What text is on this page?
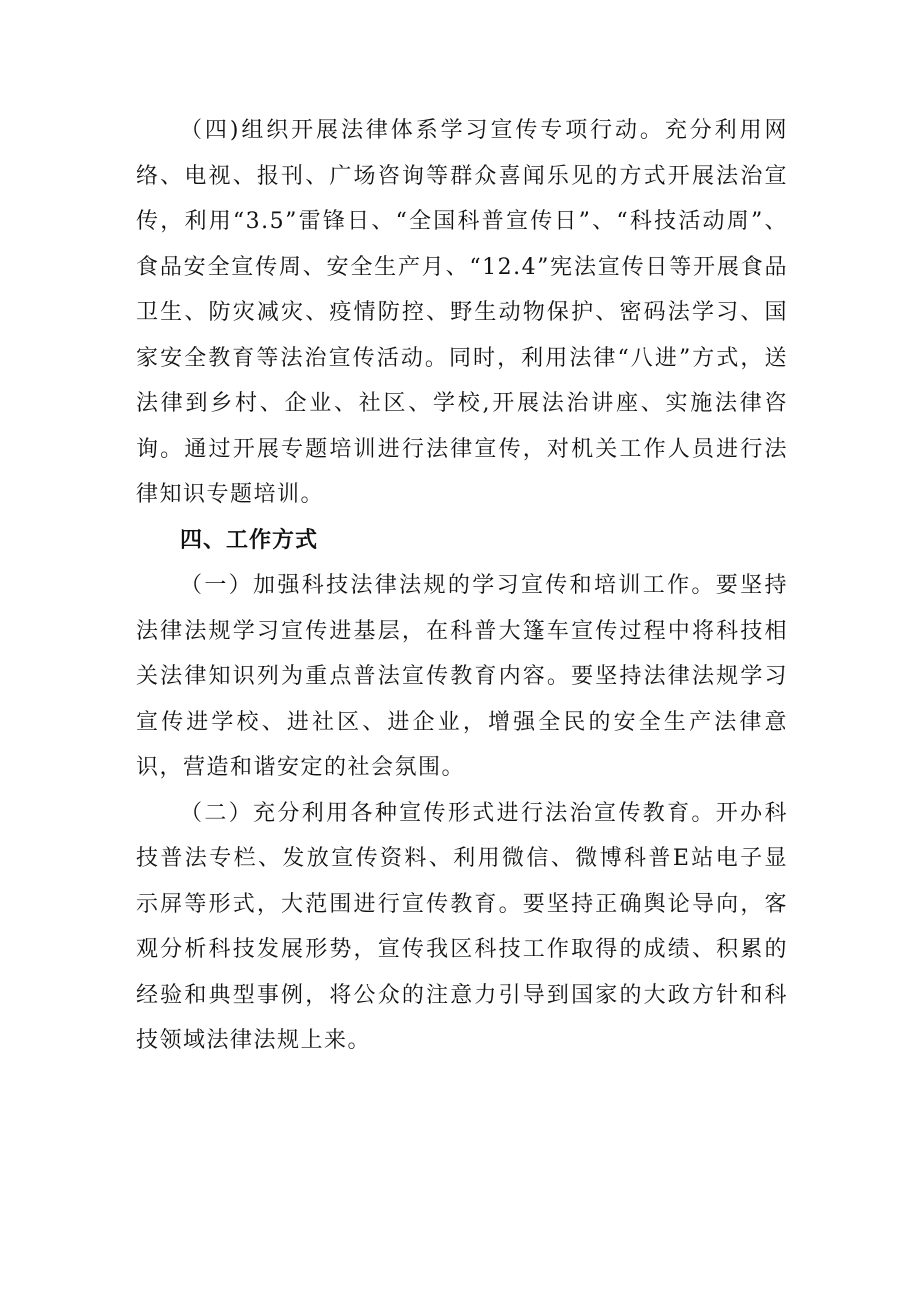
（四)组织开展法律体系学习宣传专项行动。充分利用网络、电视、报刊、广场咨询等群众喜闻乐见的方式开展法治宣传，利用“3.5”雷锋日、“全国科普宣传日”、“科技活动周”、食品安全宣传周、安全生产月、“12.4”宪法宣传日等开展食品卫生、防灾减灾、疫情防控、野生动物保护、密码法学习、国家安全教育等法治宣传活动。同时，利用法律“八进”方式，送法律到乡村、企业、社区、学校,开展法治讲座、实施法律咨询。通过开展专题培训进行法律宣传，对机关工作人员进行法律知识专题培训。

四、工作方式

（一）加强科技法律法规的学习宣传和培训工作。要坚持法律法规学习宣传进基层，在科普大篷车宣传过程中将科技相关法律知识列为重点普法宣传教育内容。要坚持法律法规学习宣传进学校、进社区、进企业，增强全民的安全生产法律意识，营造和谐安定的社会氛围。

（二）充分利用各种宣传形式进行法治宣传教育。开办科技普法专栏、发放宣传资料、利用微信、微博科普E站电子显示屏等形式，大范围进行宣传教育。要坚持正确舆论导向，客观分析科技发展形势，宣传我区科技工作取得的成绩、积累的经验和典型事例，将公众的注意力引导到国家的大政方针和科技领域法律法规上来。
